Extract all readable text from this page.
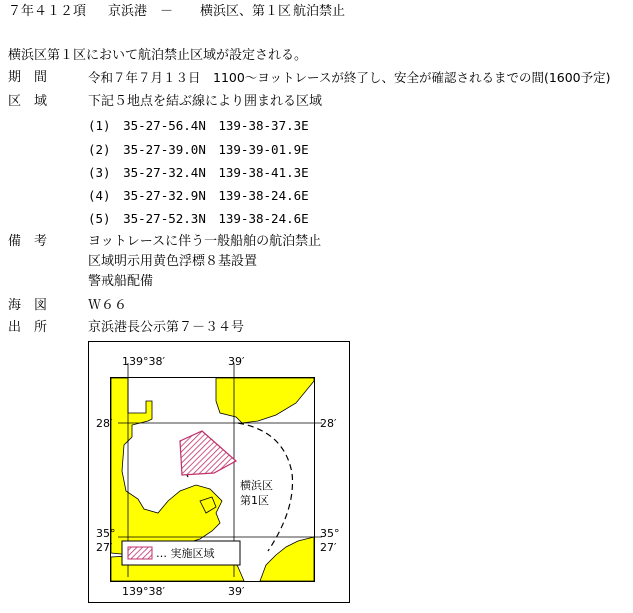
７年４１２項 京浜港 － 横浜区、第１区 航泊禁止
横浜区第１区において航泊禁止区域が設定される。
期　間	令和７年７月１３日　1100～ヨットレースが終了し、安全が確認されるまでの間(1600予定)
区　域	下記５地点を結ぶ線により囲まれる区域
(1)　35-27-56.4N　139-38-37.3E
(2)　35-27-39.0N　139-39-01.9E
(3)　35-27-32.4N　139-38-41.3E
(4)　35-27-32.9N　139-38-24.6E
(5)　35-27-52.3N　139-38-24.6E
備　考	ヨットレースに伴う一般船舶の航泊禁止
区域明示用黄色浮標８基設置
警戒船配備
海　図	Ｗ６６
出　所	京浜港長公示第７－３４号
139°38′	39′
28′	28′
35°
27′
35°
27′
139°38′	39′
横浜区
第1区
… 実施区域
